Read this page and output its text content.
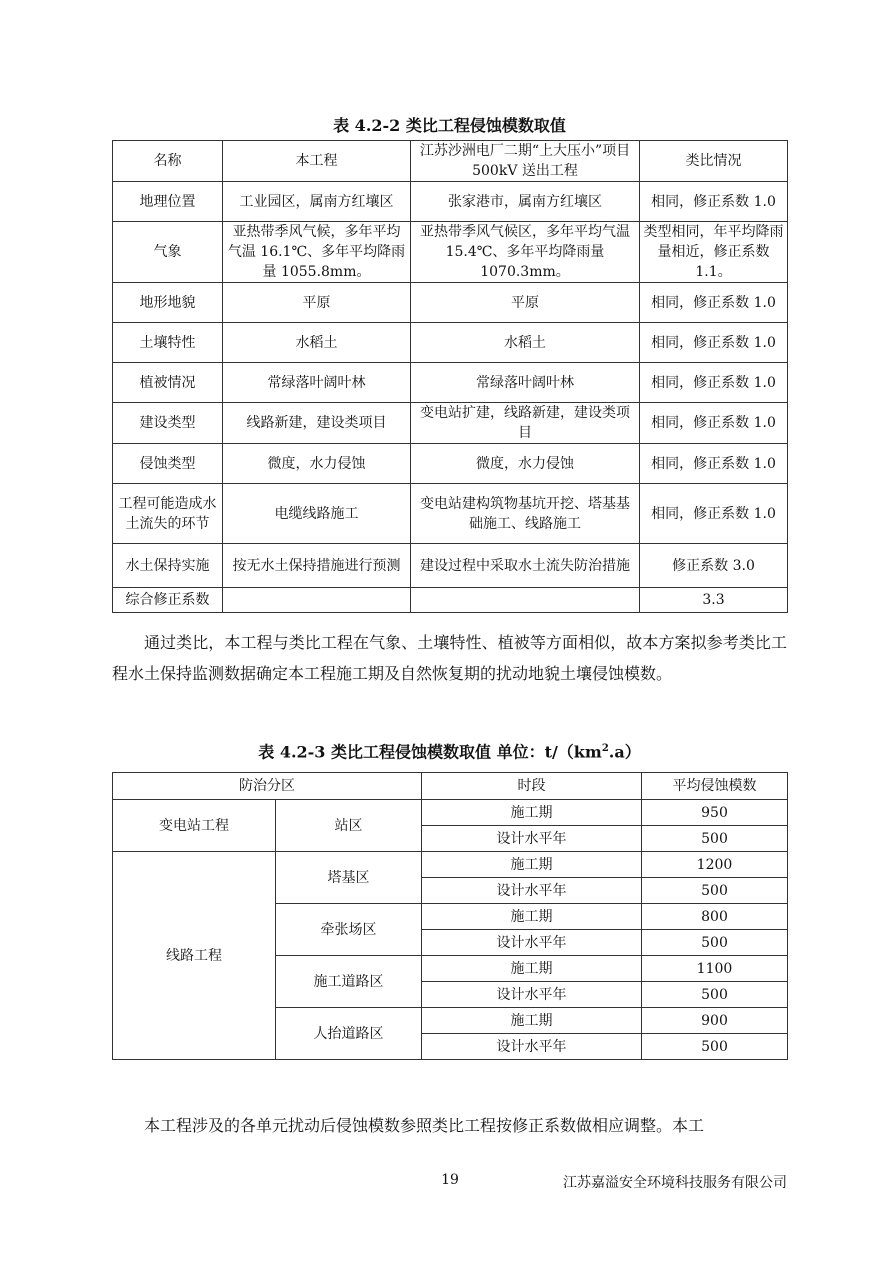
表 4.2-2 类比工程侵蚀模数取值
名称	本工程	江苏沙洲电厂二期“上大压小”项目 500kV 送出工程	类比情况
地理位置	工业园区，属南方红壤区	张家港市，属南方红壤区	相同，修正系数 1.0
气象	亚热带季风气候，多年平均气温 16.1℃、多年平均降雨量 1055.8mm。	亚热带季风气候区，多年平均气温 15.4℃、多年平均降雨量 1070.3mm。	类型相同，年平均降雨量相近，修正系数 1.1。
地形地貌	平原	平原	相同，修正系数 1.0
土壤特性	水稻土	水稻土	相同，修正系数 1.0
植被情况	常绿落叶阔叶林	常绿落叶阔叶林	相同，修正系数 1.0
建设类型	线路新建，建设类项目	变电站扩建，线路新建，建设类项目	相同，修正系数 1.0
侵蚀类型	微度，水力侵蚀	微度，水力侵蚀	相同，修正系数 1.0
工程可能造成水土流失的环节	电缆线路施工	变电站建构筑物基坑开挖、塔基基础施工、线路施工	相同，修正系数 1.0
水土保持实施	按无水土保持措施进行预测	建设过程中采取水土流失防治措施	修正系数 3.0
综合修正系数			3.3

通过类比，本工程与类比工程在气象、土壤特性、植被等方面相似，故本方案拟参考类比工程水土保持监测数据确定本工程施工期及自然恢复期的扰动地貌土壤侵蚀模数。

表 4.2-3 类比工程侵蚀模数取值 单位：$t/(km^2.a)$
防治分区		时段	平均侵蚀模数
变电站工程	站区	施工期	950
		设计水平年	500
线路工程	塔基区	施工期	1200
		设计水平年	500
	牵张场区	施工期	800
		设计水平年	500
	施工道路区	施工期	1100
		设计水平年	500
	人抬道路区	施工期	900
		设计水平年	500

本工程涉及的各单元扰动后侵蚀模数参照类比工程按修正系数做相应调整。本工

19	江苏嘉溢安全环境科技服务有限公司
